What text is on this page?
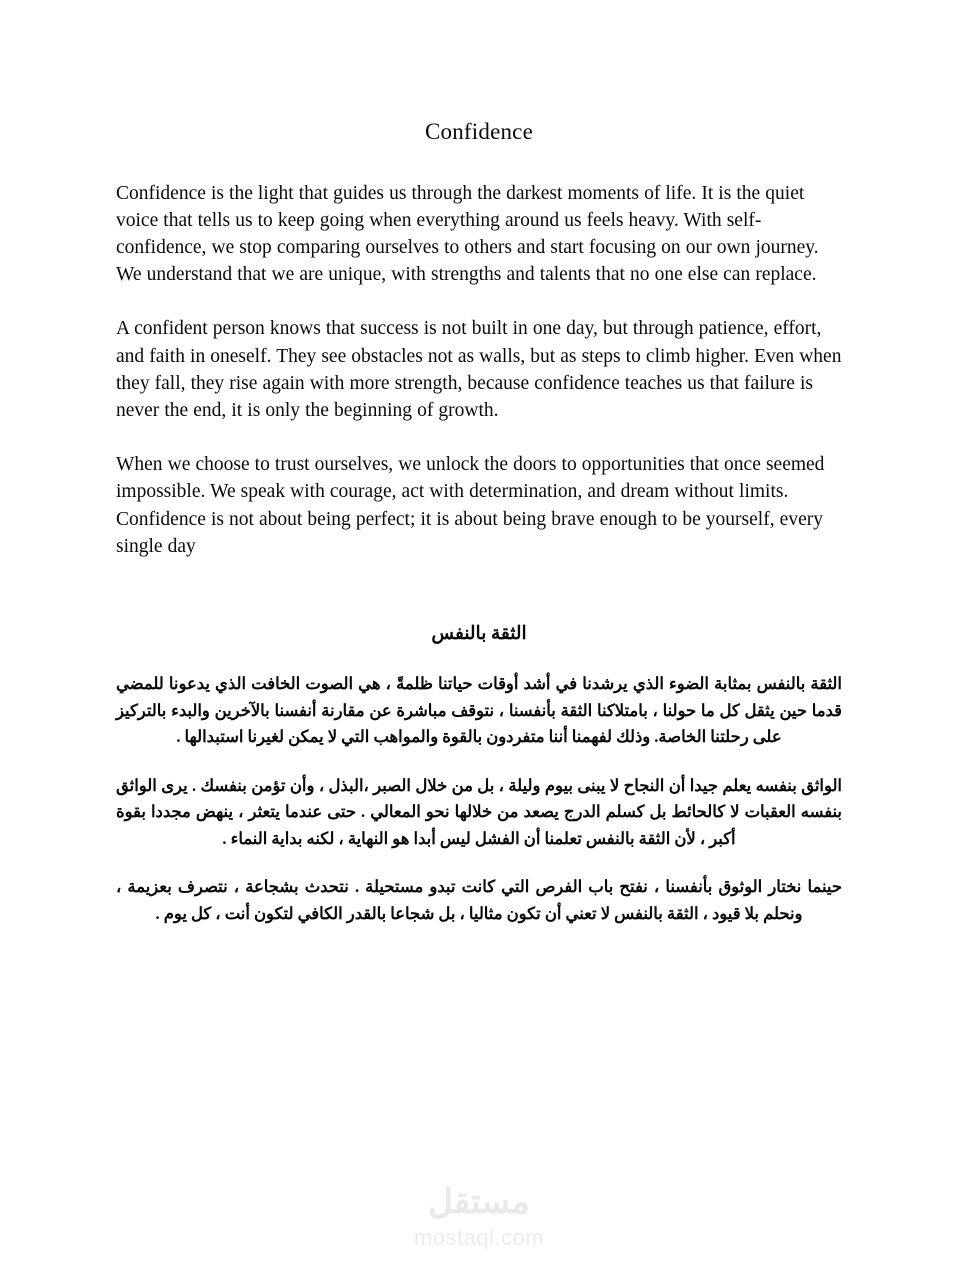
Confidence

Confidence is the light that guides us through the darkest moments of life. It is the quiet voice that tells us to keep going when everything around us feels heavy. With self-confidence, we stop comparing ourselves to others and start focusing on our own journey. We understand that we are unique, with strengths and talents that no one else can replace.

A confident person knows that success is not built in one day, but through patience, effort, and faith in oneself. They see obstacles not as walls, but as steps to climb higher. Even when they fall, they rise again with more strength, because confidence teaches us that failure is never the end, it is only the beginning of growth.

When we choose to trust ourselves, we unlock the doors to opportunities that once seemed impossible. We speak with courage, act with determination, and dream without limits. Confidence is not about being perfect; it is about being brave enough to be yourself, every single day

الثقة بالنفس

الثقة بالنفس بمثابة الضوء الذي يرشدنا في أشد أوقات حياتنا ظلمةً ، هي الصوت الخافت الذي يدعونا للمضي قدما حين يثقل كل ما حولنا ، بامتلاكنا الثقة بأنفسنا ، نتوقف مباشرة عن مقارنة أنفسنا بالآخرين والبدء بالتركيز على رحلتنا الخاصة. وذلك لفهمنا أننا متفردون بالقوة والمواهب التي لا يمكن لغيرنا استبدالها .

الواثق بنفسه يعلم جيدا أن النجاح لا يبنى بيوم وليلة ، بل من خلال الصبر ،البذل ، وأن تؤمن بنفسك . يرى الواثق بنفسه العقبات لا كالحائط بل كسلم الدرج يصعد من خلالها نحو المعالي . حتى عندما يتعثر ، ينهض مجددا بقوة أكبر ، لأن الثقة بالنفس تعلمنا أن الفشل ليس أبدا هو النهاية ، لكنه بداية النماء .

حينما نختار الوثوق بأنفسنا ، نفتح باب الفرص التي كانت تبدو مستحيلة . نتحدث بشجاعة ، نتصرف بعزيمة ، ونحلم بلا قيود ، الثقة بالنفس لا تعني أن تكون مثاليا ، بل شجاعا بالقدر الكافي لتكون أنت ، كل يوم .

مستقل
mostaql.com
